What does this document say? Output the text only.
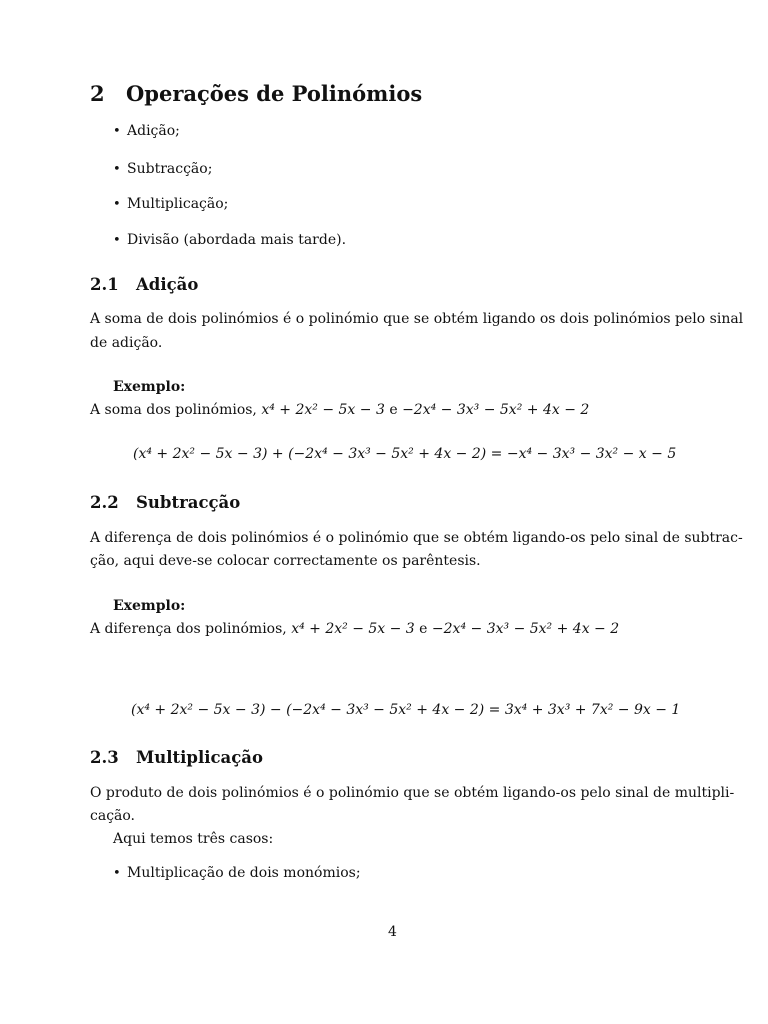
2 Operações de Polinómios
• Adição;
• Subtracção;
• Multiplicação;
• Divisão (abordada mais tarde).
2.1 Adição
A soma de dois polinómios é o polinómio que se obtém ligando os dois polinómios pelo sinal
de adição.
Exemplo:
A soma dos polinómios, x⁴ + 2x² − 5x − 3 e −2x⁴ − 3x³ − 5x² + 4x − 2
(x⁴ + 2x² − 5x − 3) + (−2x⁴ − 3x³ − 5x² + 4x − 2) = −x⁴ − 3x³ − 3x² − x − 5
2.2 Subtracção
A diferença de dois polinómios é o polinómio que se obtém ligando-os pelo sinal de subtrac-
ção, aqui deve-se colocar correctamente os parêntesis.
Exemplo:
A diferença dos polinómios, x⁴ + 2x² − 5x − 3 e −2x⁴ − 3x³ − 5x² + 4x − 2
(x⁴ + 2x² − 5x − 3) − (−2x⁴ − 3x³ − 5x² + 4x − 2) = 3x⁴ + 3x³ + 7x² − 9x − 1
2.3 Multiplicação
O produto de dois polinómios é o polinómio que se obtém ligando-os pelo sinal de multipli-
cação.
Aqui temos três casos:
• Multiplicação de dois monómios;
4
